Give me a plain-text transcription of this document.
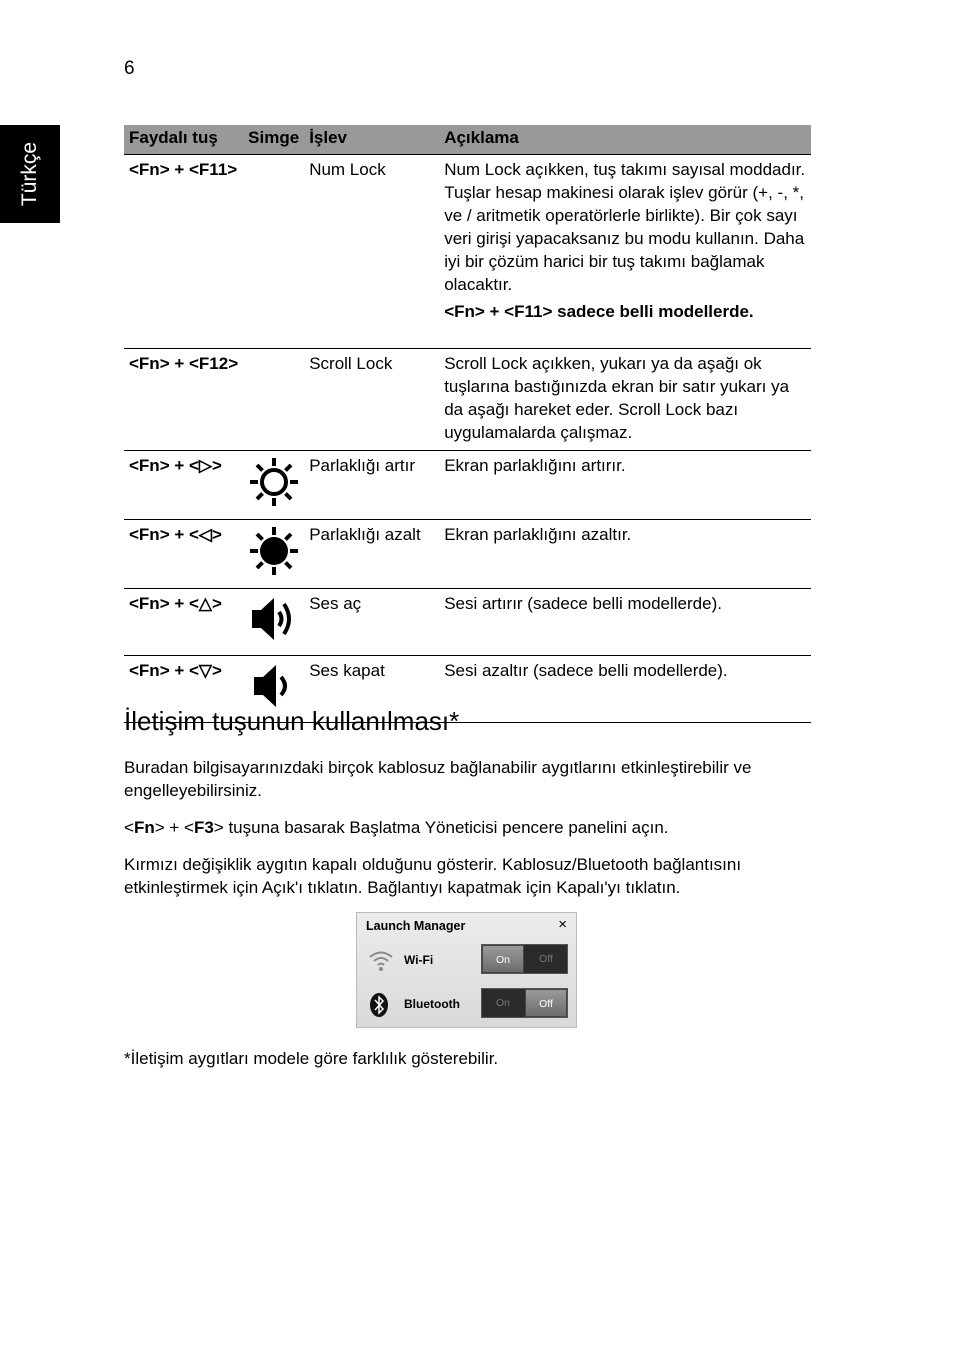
6
Türkçe
Faydalı tuş	Simge	İşlev	Açıklama
<Fn> + <F11>		Num Lock	Num Lock açıkken, tuş takımı sayısal moddadır. Tuşlar hesap makinesi olarak işlev görür (+, -, *, ve / aritmetik operatörlerle birlikte). Bir çok sayı veri girişi yapacaksanız bu modu kullanın. Daha iyi bir çözüm harici bir tuş takımı bağlamak olacaktır.
<Fn> + <F11> sadece belli modellerde.

<Fn> + <F12>		Scroll Lock	Scroll Lock açıkken, yukarı ya da aşağı ok tuşlarına bastığınızda ekran bir satır yukarı ya da aşağı hareket eder. Scroll Lock bazı uygulamalarda çalışmaz.
<Fn> + <▷>		Parlaklığı artır	Ekran parlaklığını artırır.
<Fn> + <◁>		Parlaklığı azalt	Ekran parlaklığını azaltır.
<Fn> + <△>		Ses aç	Sesi artırır (sadece belli modellerde).
<Fn> + <▽>		Ses kapat	Sesi azaltır (sadece belli modellerde).
İletişim tuşunun kullanılması*

Buradan bilgisayarınızdaki birçok kablosuz bağlanabilir aygıtlarını etkinleştirebilir ve engelleyebilirsiniz.

<Fn> + <F3> tuşuna basarak Başlatma Yöneticisi pencere panelini açın.

Kırmızı değişiklik aygıtın kapalı olduğunu gösterir. Kablosuz/Bluetooth bağlantısını etkinleştirmek için Açık'ı tıklatın. Bağlantıyı kapatmak için Kapalı'yı tıklatın.

Launch Manager	×
Wi-Fi	On	Off
Bluetooth	On	Off

*İletişim aygıtları modele göre farklılık gösterebilir.
